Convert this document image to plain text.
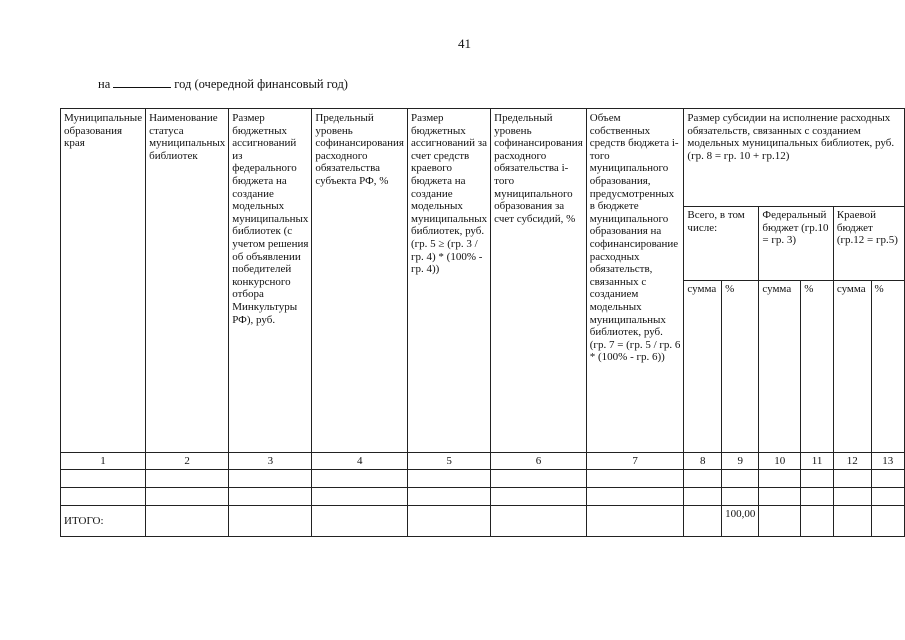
41
на	год (очередной финансовый год)
Муниципальные образования края	Наименование статуса муниципальных библиотек	Размер бюджетных ассигнований из федерального бюджета на создание модельных муниципальных библиотек (с учетом решения об объявлении победителей конкурсного отбора Минкультуры РФ), руб.	Предельный уровень софинансирования расходного обязательства субъекта РФ, %	Размер бюджетных ассигнований за счет средств краевого бюджета на создание модельных муниципальных библиотек, руб. (гр. 5 ≥ (гр. 3 / гр. 4) * (100% - гр. 4))	Предельный уровень софинансирования расходного обязательства i-того муниципального образования за счет субсидий, %	Объем собственных средств бюджета i-того муниципального образования, предусмотренных в бюджете муниципального образования на софинансирование расходных обязательств, связанных с созданием модельных муниципальных библиотек, руб. (гр. 7 = (гр. 5 / гр. 6 * (100% - гр. 6))	Размер субсидии на исполнение расходных обязательств, связанных с созданием модельных муниципальных библиотек, руб. (гр. 8 = гр. 10 + гр.12)					
							Всего, в том числе:		Федеральный бюджет (гр.10 = гр. 3)		Краевой бюджет (гр.12 = гр.5)	
							сумма	%	сумма	%	сумма	%
1	2	3	4	5	6	7	8	9	10	11	12	13

ИТОГО:								100,00				
